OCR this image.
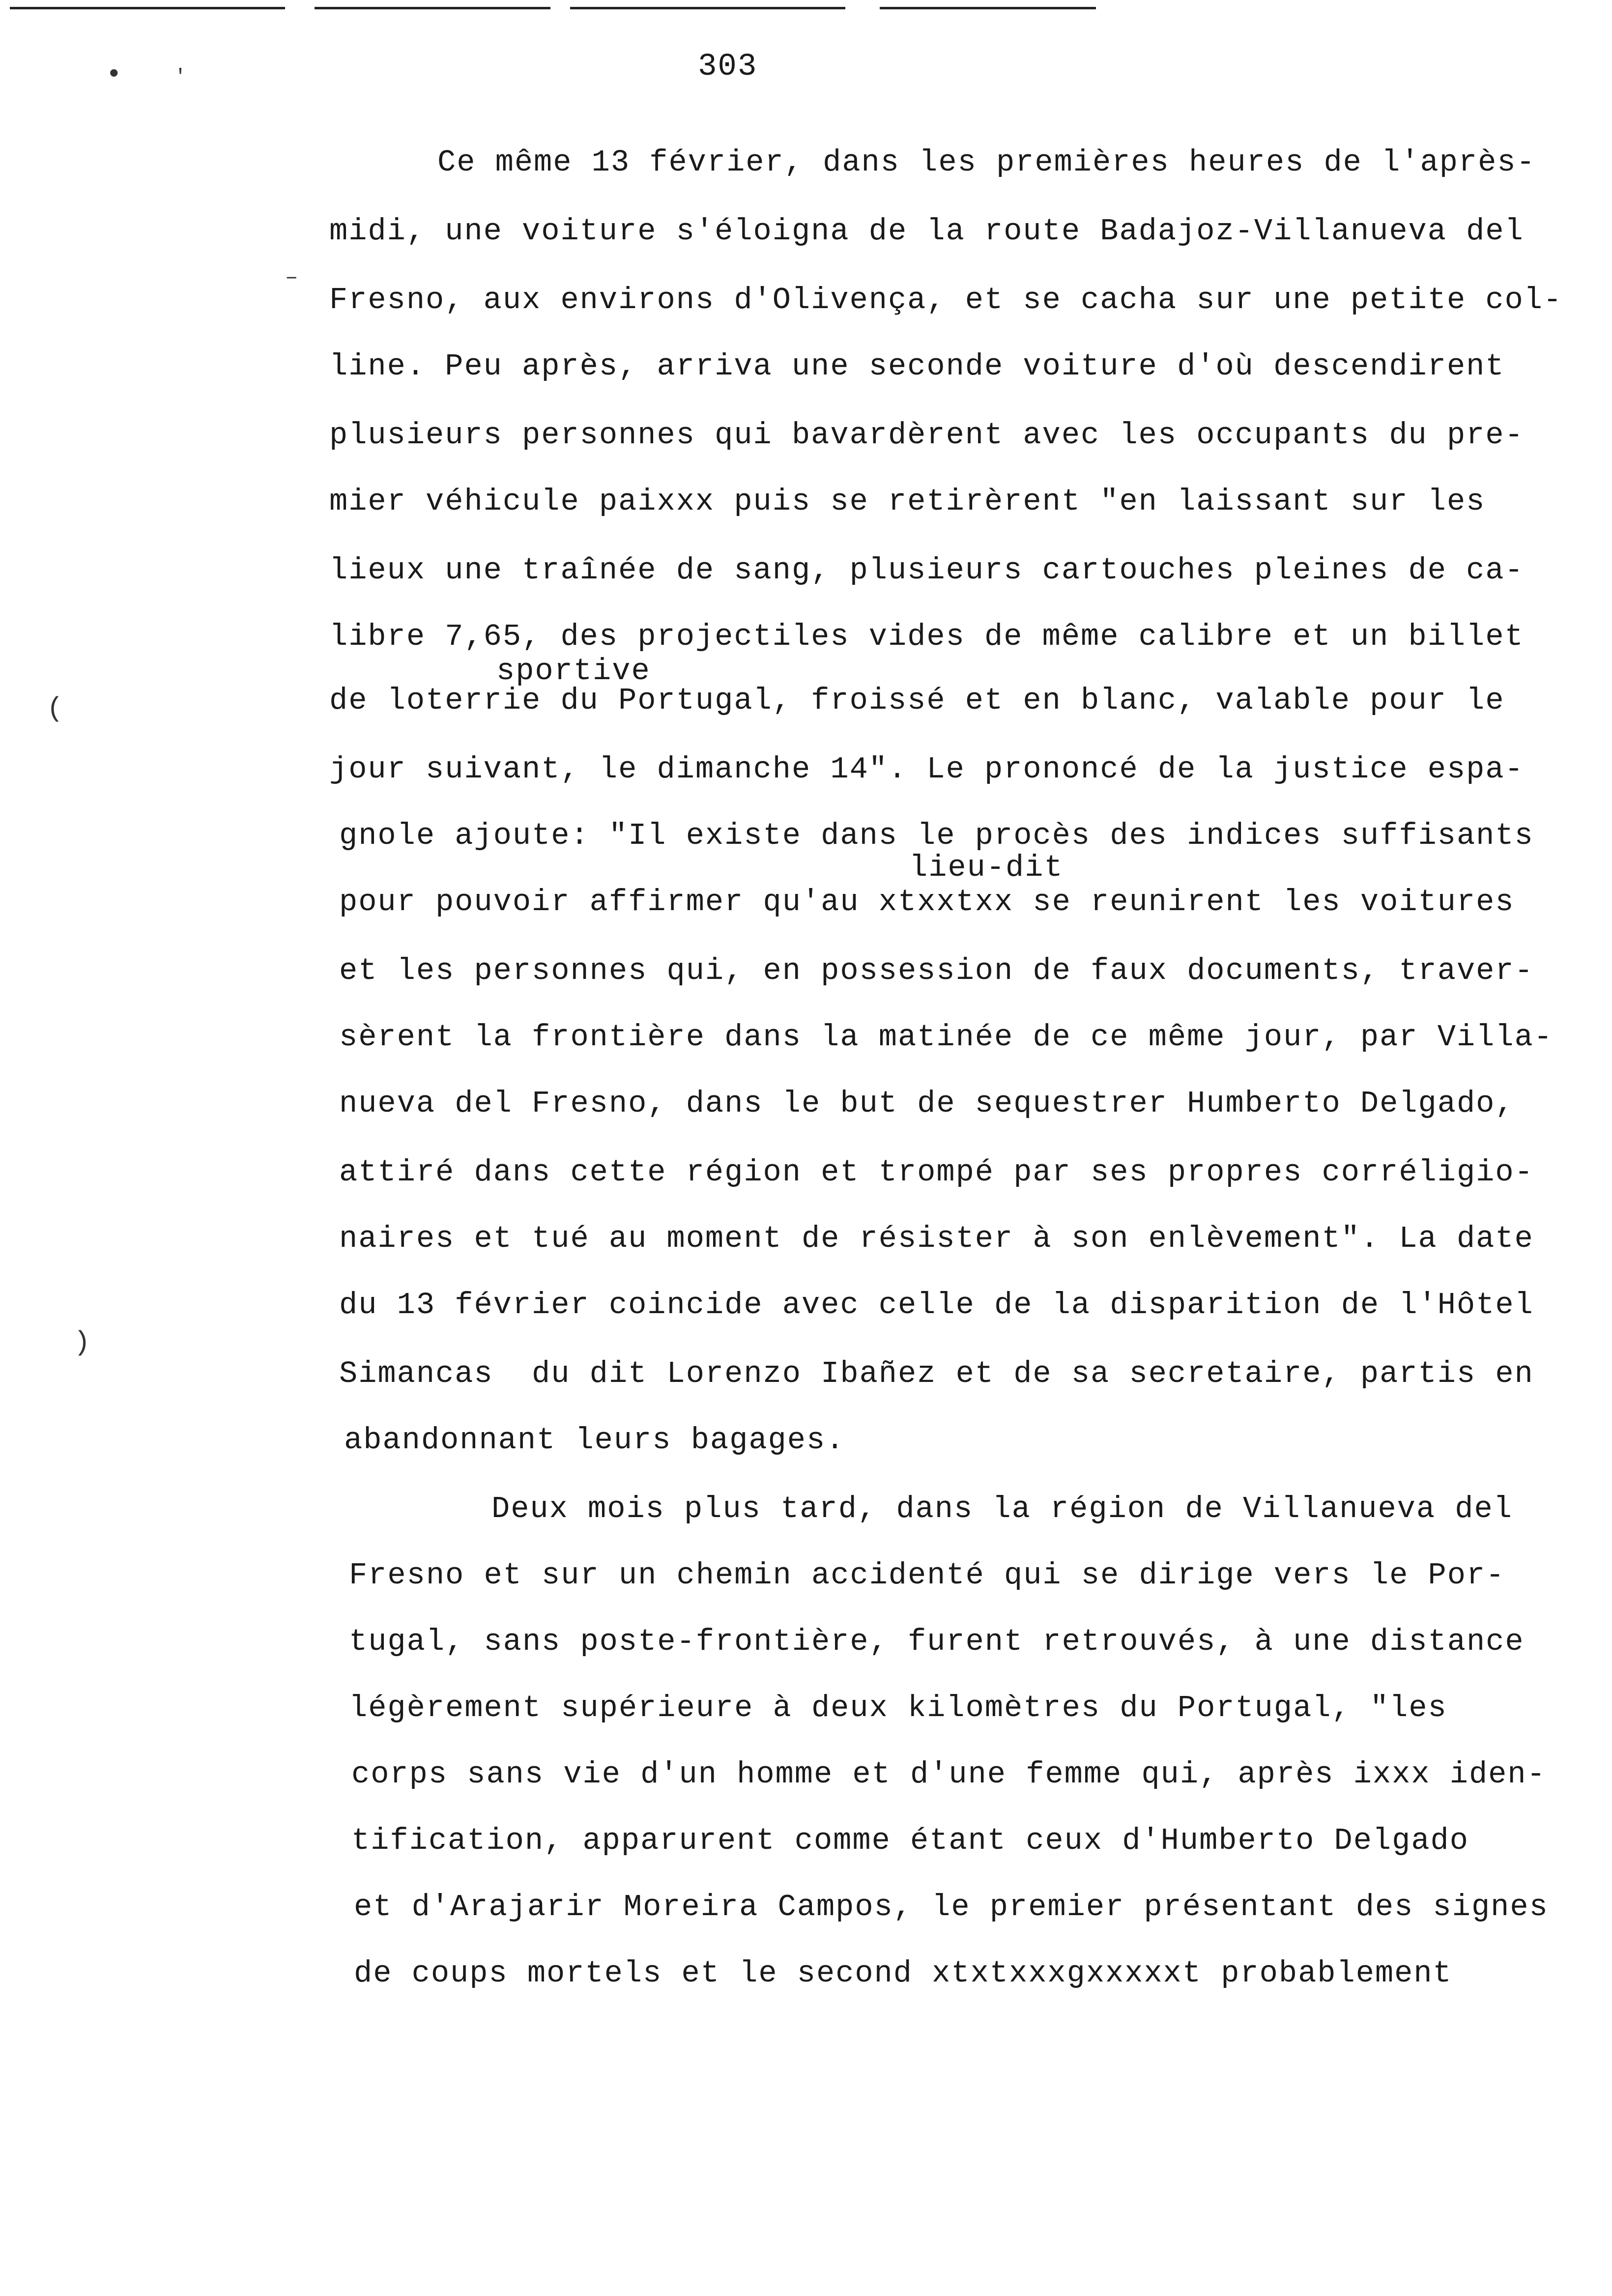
303
•	'
–
(
)
Ce même 13 février, dans les premières heures de l'après-
midi, une voiture s'éloigna de la route Badajoz-Villanueva del
Fresno, aux environs d'Olivença, et se cacha sur une petite col-
line. Peu après, arriva une seconde voiture d'où descendirent
plusieurs personnes qui bavardèrent avec les occupants du pre-
mier véhicule paixxx puis se retirèrent "en laissant sur les
lieux une traînée de sang, plusieurs cartouches pleines de ca-
libre 7,65, des projectiles vides de même calibre et un billet
sportive
de loterrie du Portugal, froissé et en blanc, valable pour le
jour suivant, le dimanche 14". Le prononcé de la justice espa-
gnole ajoute: "Il existe dans le procès des indices suffisants
lieu-dit
pour pouvoir affirmer qu'au xtxxtxx se reunirent les voitures
et les personnes qui, en possession de faux documents, traver-
sèrent la frontière dans la matinée de ce même jour, par Villa-
nueva del Fresno, dans le but de sequestrer Humberto Delgado,
attiré dans cette région et trompé par ses propres corréligio-
naires et tué au moment de résister à son enlèvement". La date
du 13 février coincide avec celle de la disparition de l'Hôtel
Simancas  du dit Lorenzo Ibañez et de sa secretaire, partis en
abandonnant leurs bagages.
Deux mois plus tard, dans la région de Villanueva del
Fresno et sur un chemin accidenté qui se dirige vers le Por-
tugal, sans poste-frontière, furent retrouvés, à une distance
légèrement supérieure à deux kilomètres du Portugal, "les
corps sans vie d'un homme et d'une femme qui, après ixxx iden-
tification, apparurent comme étant ceux d'Humberto Delgado
et d'Arajarir Moreira Campos, le premier présentant des signes
de coups mortels et le second xtxtxxxgxxxxxt probablement
